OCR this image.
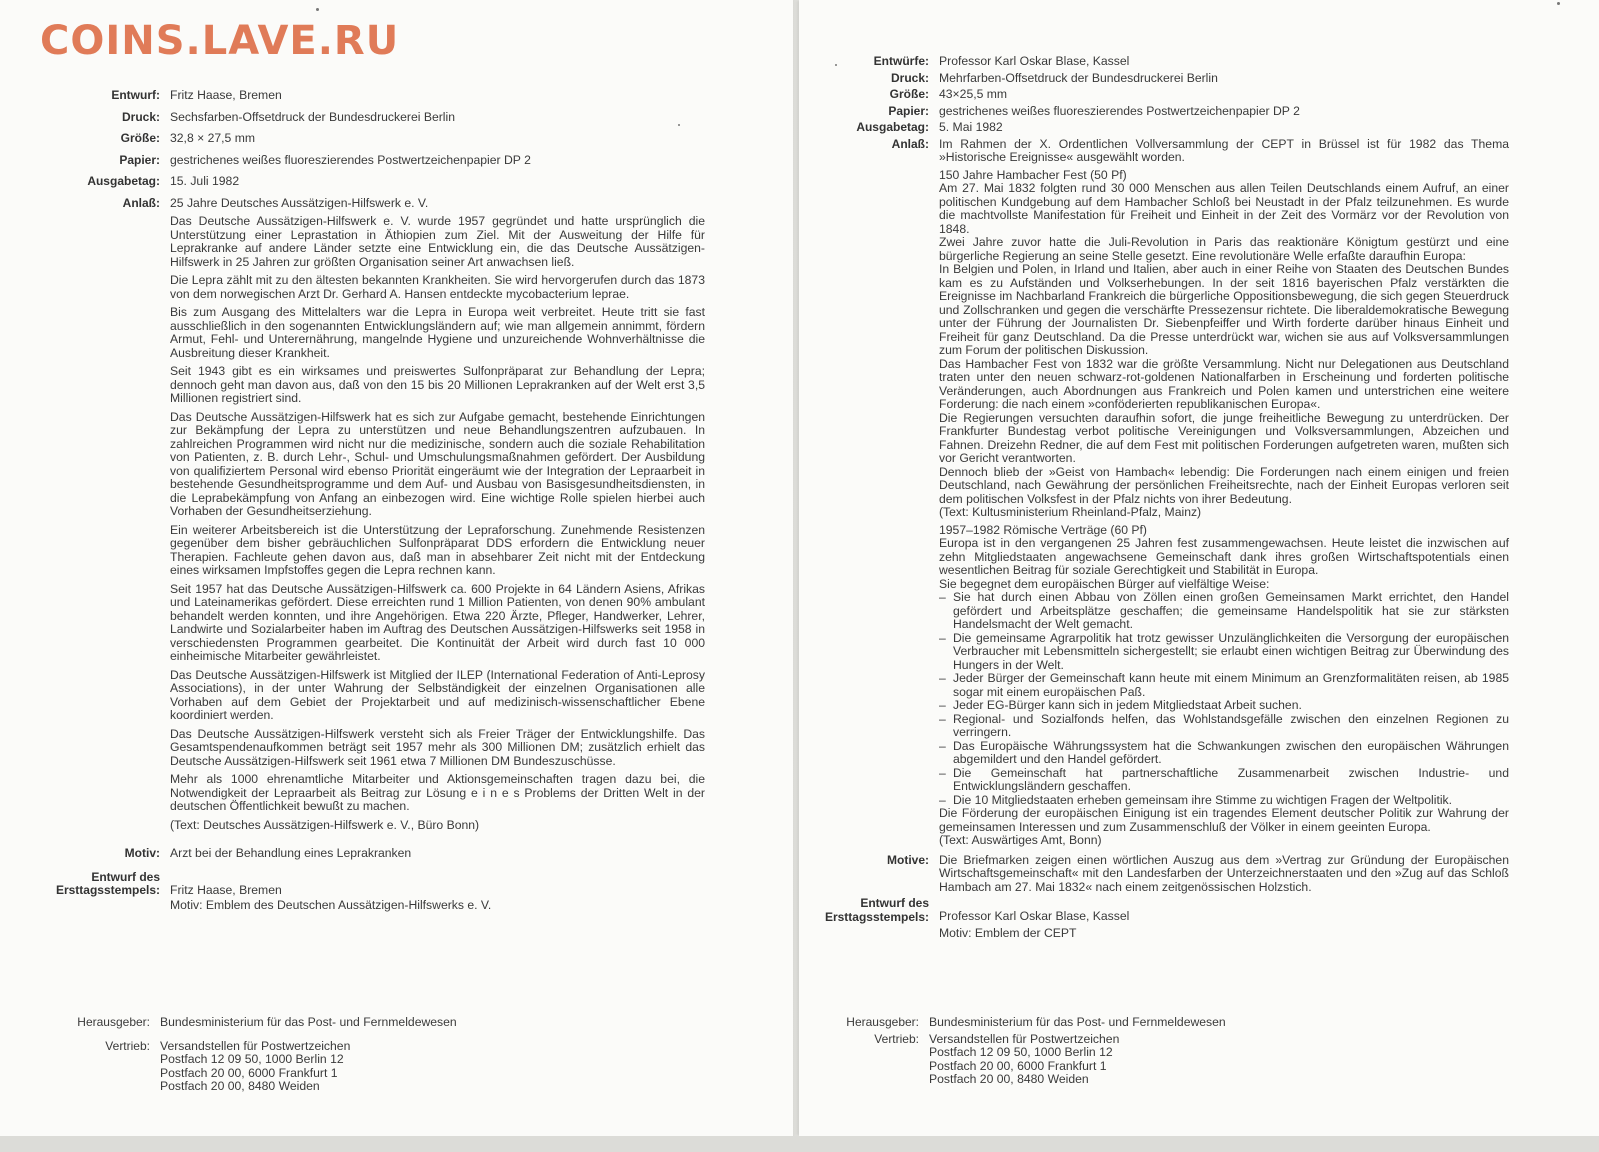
COINS.LAVE.RU
Entwurf: Fritz Haase, Bremen
Druck: Sechsfarben-Offsetdruck der Bundesdruckerei Berlin
Größe: 32,8 × 27,5 mm
Papier: gestrichenes weißes fluoreszierendes Postwertzeichenpapier DP 2
Ausgabetag: 15. Juli 1982
Anlaß: 25 Jahre Deutsches Aussätzigen-Hilfswerk e. V.

Das Deutsche Aussätzigen-Hilfswerk e. V. wurde 1957 gegründet und hatte ursprünglich die Unterstützung einer Leprastation in Äthiopien zum Ziel. Mit der Ausweitung der Hilfe für Leprakranke auf andere Länder setzte eine Entwicklung ein, die das Deutsche Aussätzigen-Hilfswerk in 25 Jahren zur größten Organisation seiner Art anwachsen ließ.

Die Lepra zählt mit zu den ältesten bekannten Krankheiten. Sie wird hervorgerufen durch das 1873 von dem norwegischen Arzt Dr. Gerhard A. Hansen entdeckte mycobacterium leprae.

Bis zum Ausgang des Mittelalters war die Lepra in Europa weit verbreitet. Heute tritt sie fast ausschließlich in den sogenannten Entwicklungsländern auf; wie man allgemein annimmt, fördern Armut, Fehl- und Unterernährung, mangelnde Hygiene und unzureichende Wohnverhältnisse die Ausbreitung dieser Krankheit.

Seit 1943 gibt es ein wirksames und preiswertes Sulfonpräparat zur Behandlung der Lepra; dennoch geht man davon aus, daß von den 15 bis 20 Millionen Leprakranken auf der Welt erst 3,5 Millionen registriert sind.

Das Deutsche Aussätzigen-Hilfswerk hat es sich zur Aufgabe gemacht, bestehende Einrichtungen zur Bekämpfung der Lepra zu unterstützen und neue Behandlungszentren aufzubauen. In zahlreichen Programmen wird nicht nur die medizinische, sondern auch die soziale Rehabilitation von Patienten, z. B. durch Lehr-, Schul- und Umschulungsmaßnahmen gefördert. Der Ausbildung von qualifiziertem Personal wird ebenso Priorität eingeräumt wie der Integration der Lepraarbeit in bestehende Gesundheitsprogramme und dem Auf- und Ausbau von Basisgesundheitsdiensten, in die Leprabekämpfung von Anfang an einbezogen wird. Eine wichtige Rolle spielen hierbei auch Vorhaben der Gesundheitserziehung.

Ein weiterer Arbeitsbereich ist die Unterstützung der Lepraforschung. Zunehmende Resistenzen gegenüber dem bisher gebräuchlichen Sulfonpräparat DDS erfordern die Entwicklung neuer Therapien. Fachleute gehen davon aus, daß man in absehbarer Zeit nicht mit der Entdeckung eines wirksamen Impfstoffes gegen die Lepra rechnen kann.

Seit 1957 hat das Deutsche Aussätzigen-Hilfswerk ca. 600 Projekte in 64 Ländern Asiens, Afrikas und Lateinamerikas gefördert. Diese erreichten rund 1 Million Patienten, von denen 90% ambulant behandelt werden konnten, und ihre Angehörigen. Etwa 220 Ärzte, Pfleger, Handwerker, Lehrer, Landwirte und Sozialarbeiter haben im Auftrag des Deutschen Aussätzigen-Hilfswerks seit 1958 in verschiedensten Programmen gearbeitet. Die Kontinuität der Arbeit wird durch fast 10 000 einheimische Mitarbeiter gewährleistet.

Das Deutsche Aussätzigen-Hilfswerk ist Mitglied der ILEP (International Federation of Anti-Leprosy Associations), in der unter Wahrung der Selbständigkeit der einzelnen Organisationen alle Vorhaben auf dem Gebiet der Projektarbeit und auf medizinisch-wissenschaftlicher Ebene koordiniert werden.

Das Deutsche Aussätzigen-Hilfswerk versteht sich als Freier Träger der Entwicklungshilfe. Das Gesamtspendenaufkommen beträgt seit 1957 mehr als 300 Millionen DM; zusätzlich erhielt das Deutsche Aussätzigen-Hilfswerk seit 1961 etwa 7 Millionen DM Bundeszuschüsse.

Mehr als 1000 ehrenamtliche Mitarbeiter und Aktionsgemeinschaften tragen dazu bei, die Notwendigkeit der Lepraarbeit als Beitrag zur Lösung e i n e s Problems der Dritten Welt in der deutschen Öffentlichkeit bewußt zu machen.

(Text: Deutsches Aussätzigen-Hilfswerk e. V., Büro Bonn)

Motiv: Arzt bei der Behandlung eines Leprakranken
Entwurf des Ersttagsstempels: Fritz Haase, Bremen

Motiv: Emblem des Deutschen Aussätzigen-Hilfswerks e. V.

Herausgeber: Bundesministerium für das Post- und Fernmeldewesen
Vertrieb: Versandstellen für Postwertzeichen
Postfach 12 09 50, 1000 Berlin 12
Postfach 20 00, 6000 Frankfurt 1
Postfach 20 00, 8480 Weiden
Entwürfe: Professor Karl Oskar Blase, Kassel
Druck: Mehrfarben-Offsetdruck der Bundesdruckerei Berlin
Größe: 43×25,5 mm
Papier: gestrichenes weißes fluoreszierendes Postwertzeichenpapier DP 2
Ausgabetag: 5. Mai 1982
Anlaß: Im Rahmen der X. Ordentlichen Vollversammlung der CEPT in Brüssel ist für 1982 das Thema »Historische Ereignisse« ausgewählt worden.

150 Jahre Hambacher Fest (50 Pf)

Am 27. Mai 1832 folgten rund 30 000 Menschen aus allen Teilen Deutschlands einem Aufruf, an einer politischen Kundgebung auf dem Hambacher Schloß bei Neustadt in der Pfalz teilzunehmen. Es wurde die machtvollste Manifestation für Freiheit und Einheit in der Zeit des Vormärz vor der Revolution von 1848.

Zwei Jahre zuvor hatte die Juli-Revolution in Paris das reaktionäre Königtum gestürzt und eine bürgerliche Regierung an seine Stelle gesetzt. Eine revolutionäre Welle erfaßte daraufhin Europa:

In Belgien und Polen, in Irland und Italien, aber auch in einer Reihe von Staaten des Deutschen Bundes kam es zu Aufständen und Volkserhebungen. In der seit 1816 bayerischen Pfalz verstärkten die Ereignisse im Nachbarland Frankreich die bürgerliche Oppositionsbewegung, die sich gegen Steuerdruck und Zollschranken und gegen die verschärfte Pressezensur richtete. Die liberaldemokratische Bewegung unter der Führung der Journalisten Dr. Siebenpfeiffer und Wirth forderte darüber hinaus Einheit und Freiheit für ganz Deutschland. Da die Presse unterdrückt war, wichen sie aus auf Volksversammlungen zum Forum der politischen Diskussion.

Das Hambacher Fest von 1832 war die größte Versammlung. Nicht nur Delegationen aus Deutschland traten unter den neuen schwarz-rot-goldenen Nationalfarben in Erscheinung und forderten politische Veränderungen, auch Abordnungen aus Frankreich und Polen kamen und unterstrichen eine weitere Forderung: die nach einem »conföderierten republikanischen Europa«.

Die Regierungen versuchten daraufhin sofort, die junge freiheitliche Bewegung zu unterdrücken. Der Frankfurter Bundestag verbot politische Vereinigungen und Volksversammlungen, Abzeichen und Fahnen. Dreizehn Redner, die auf dem Fest mit politischen Forderungen aufgetreten waren, mußten sich vor Gericht verantworten.

Dennoch blieb der »Geist von Hambach« lebendig: Die Forderungen nach einem einigen und freien Deutschland, nach Gewährung der persönlichen Freiheitsrechte, nach der Einheit Europas verloren seit dem politischen Volksfest in der Pfalz nichts von ihrer Bedeutung.

(Text: Kultusministerium Rheinland-Pfalz, Mainz)

1957–1982 Römische Verträge (60 Pf)

Europa ist in den vergangenen 25 Jahren fest zusammengewachsen. Heute leistet die inzwischen auf zehn Mitgliedstaaten angewachsene Gemeinschaft dank ihres großen Wirtschaftspotentials einen wesentlichen Beitrag für soziale Gerechtigkeit und Stabilität in Europa.

Sie begegnet dem europäischen Bürger auf vielfältige Weise:

– Sie hat durch einen Abbau von Zöllen einen großen Gemeinsamen Markt errichtet, den Handel gefördert und Arbeitsplätze geschaffen; die gemeinsame Handelspolitik hat sie zur stärksten Handelsmacht der Welt gemacht.
– Die gemeinsame Agrarpolitik hat trotz gewisser Unzulänglichkeiten die Versorgung der europäischen Verbraucher mit Lebensmitteln sichergestellt; sie erlaubt einen wichtigen Beitrag zur Überwindung des Hungers in der Welt.
– Jeder Bürger der Gemeinschaft kann heute mit einem Minimum an Grenzformalitäten reisen, ab 1985 sogar mit einem europäischen Paß.
– Jeder EG-Bürger kann sich in jedem Mitgliedstaat Arbeit suchen.
– Regional- und Sozialfonds helfen, das Wohlstandsgefälle zwischen den einzelnen Regionen zu verringern.
– Das Europäische Währungssystem hat die Schwankungen zwischen den europäischen Währungen abgemildert und den Handel gefördert.
– Die Gemeinschaft hat partnerschaftliche Zusammenarbeit zwischen Industrie- und Entwicklungsländern geschaffen.
– Die 10 Mitgliedstaaten erheben gemeinsam ihre Stimme zu wichtigen Fragen der Weltpolitik.

Die Förderung der europäischen Einigung ist ein tragendes Element deutscher Politik zur Wahrung der gemeinsamen Interessen und zum Zusammenschluß der Völker in einem geeinten Europa.

(Text: Auswärtiges Amt, Bonn)

Motive: Die Briefmarken zeigen einen wörtlichen Auszug aus dem »Vertrag zur Gründung der Europäischen Wirtschaftsgemeinschaft« mit den Landesfarben der Unterzeichnerstaaten und den »Zug auf das Schloß Hambach am 27. Mai 1832« nach einem zeitgenössischen Holzstich.

Entwurf des Ersttagsstempels: Professor Karl Oskar Blase, Kassel

Motiv: Emblem der CEPT

Herausgeber: Bundesministerium für das Post- und Fernmeldewesen
Vertrieb: Versandstellen für Postwertzeichen
Postfach 12 09 50, 1000 Berlin 12
Postfach 20 00, 6000 Frankfurt 1
Postfach 20 00, 8480 Weiden
